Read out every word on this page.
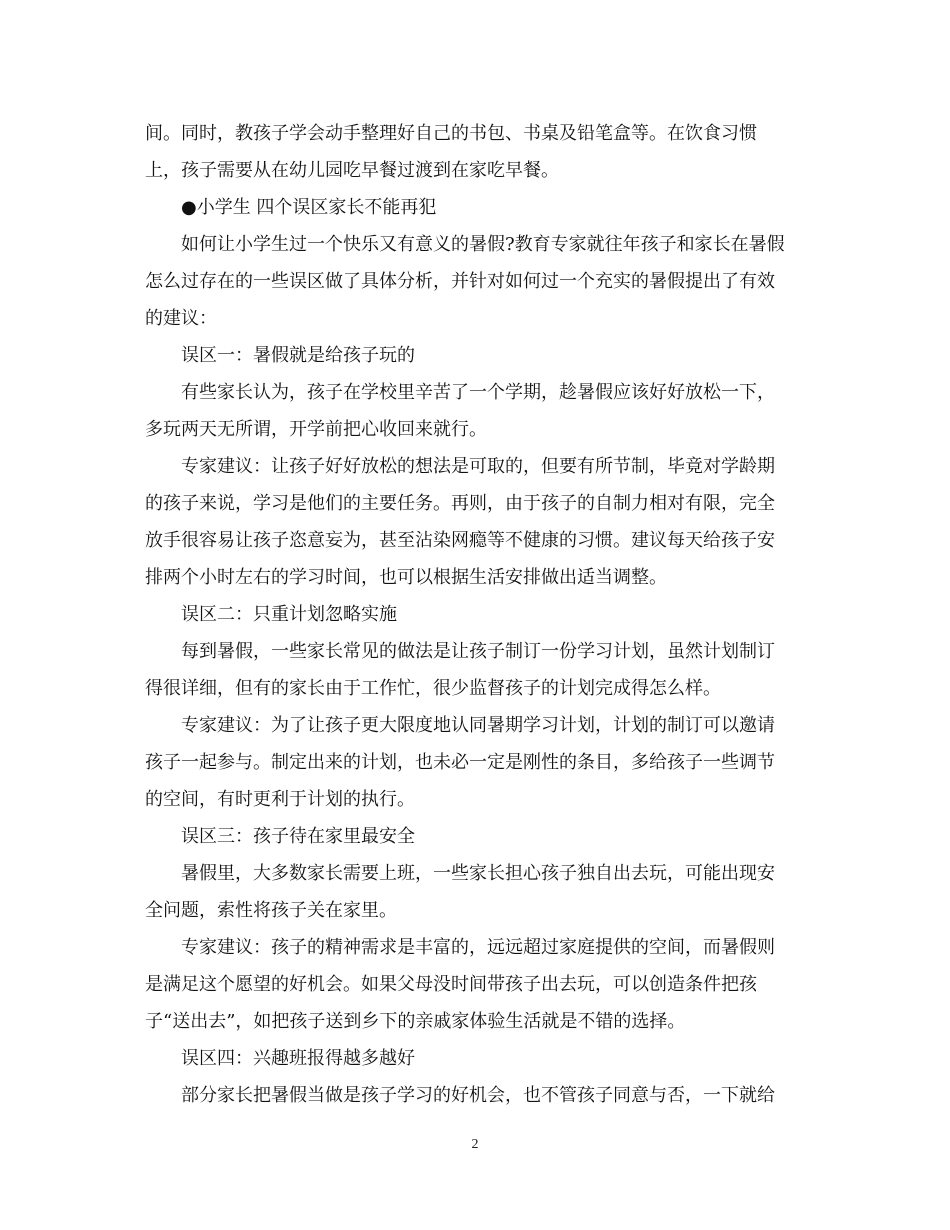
间。同时，教孩子学会动手整理好自己的书包、书桌及铅笔盒等。在饮食习惯
上，孩子需要从在幼儿园吃早餐过渡到在家吃早餐。
●小学生 四个误区家长不能再犯
如何让小学生过一个快乐又有意义的暑假?教育专家就往年孩子和家长在暑假
怎么过存在的一些误区做了具体分析，并针对如何过一个充实的暑假提出了有效
的建议：
误区一：暑假就是给孩子玩的
有些家长认为，孩子在学校里辛苦了一个学期，趁暑假应该好好放松一下，
多玩两天无所谓，开学前把心收回来就行。
专家建议：让孩子好好放松的想法是可取的，但要有所节制，毕竟对学龄期
的孩子来说，学习是他们的主要任务。再则，由于孩子的自制力相对有限，完全
放手很容易让孩子恣意妄为，甚至沾染网瘾等不健康的习惯。建议每天给孩子安
排两个小时左右的学习时间，也可以根据生活安排做出适当调整。
误区二：只重计划忽略实施
每到暑假，一些家长常见的做法是让孩子制订一份学习计划，虽然计划制订
得很详细，但有的家长由于工作忙，很少监督孩子的计划完成得怎么样。
专家建议：为了让孩子更大限度地认同暑期学习计划，计划的制订可以邀请
孩子一起参与。制定出来的计划，也未必一定是刚性的条目，多给孩子一些调节
的空间，有时更利于计划的执行。
误区三：孩子待在家里最安全
暑假里，大多数家长需要上班，一些家长担心孩子独自出去玩，可能出现安
全问题，索性将孩子关在家里。
专家建议：孩子的精神需求是丰富的，远远超过家庭提供的空间，而暑假则
是满足这个愿望的好机会。如果父母没时间带孩子出去玩，可以创造条件把孩
子“送出去”，如把孩子送到乡下的亲戚家体验生活就是不错的选择。
误区四：兴趣班报得越多越好
部分家长把暑假当做是孩子学习的好机会，也不管孩子同意与否，一下就给
2
